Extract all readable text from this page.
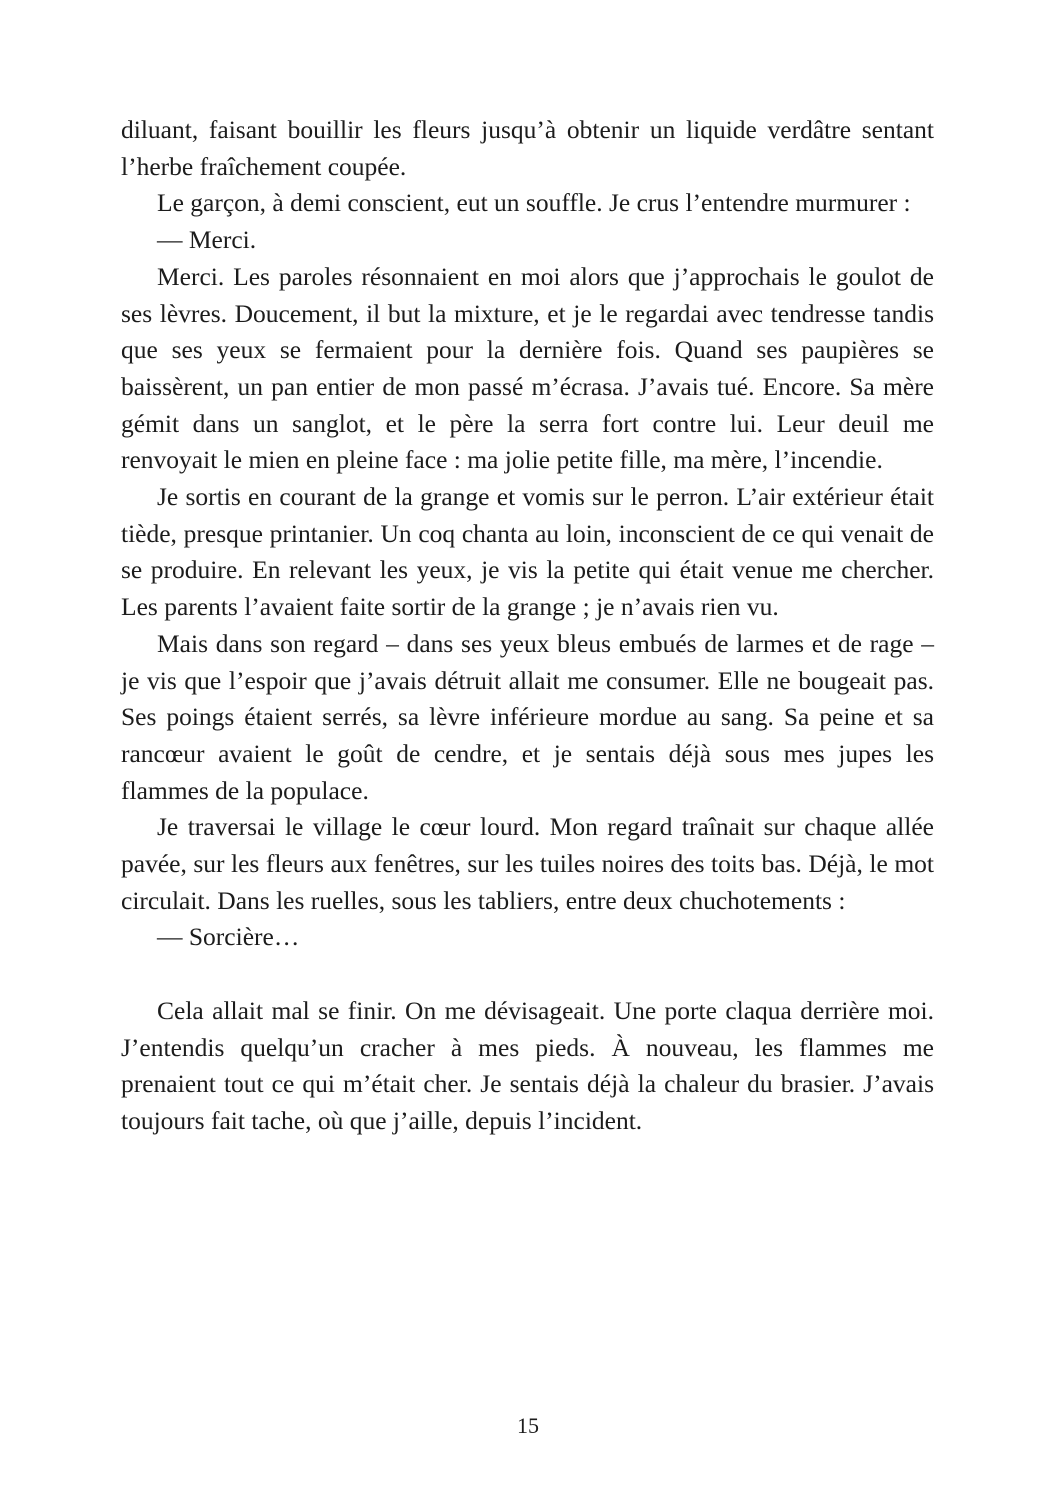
diluant, faisant bouillir les fleurs jusqu’à obtenir un liquide verdâtre sentant l’herbe fraîchement coupée.

Le garçon, à demi conscient, eut un souffle. Je crus l’entendre murmurer :

— Merci.

Merci. Les paroles résonnaient en moi alors que j’approchais le goulot de ses lèvres. Doucement, il but la mixture, et je le regardai avec tendresse tandis que ses yeux se fermaient pour la dernière fois. Quand ses paupières se baissèrent, un pan entier de mon passé m’écrasa. J’avais tué. Encore. Sa mère gémit dans un sanglot, et le père la serra fort contre lui. Leur deuil me renvoyait le mien en pleine face : ma jolie petite fille, ma mère, l’incendie.

Je sortis en courant de la grange et vomis sur le perron. L’air extérieur était tiède, presque printanier. Un coq chanta au loin, inconscient de ce qui venait de se produire. En relevant les yeux, je vis la petite qui était venue me chercher. Les parents l’avaient faite sortir de la grange ; je n’avais rien vu.

Mais dans son regard – dans ses yeux bleus embués de larmes et de rage – je vis que l’espoir que j’avais détruit allait me consumer. Elle ne bougeait pas. Ses poings étaient serrés, sa lèvre inférieure mordue au sang. Sa peine et sa rancœur avaient le goût de cendre, et je sentais déjà sous mes jupes les flammes de la populace.

Je traversai le village le cœur lourd. Mon regard traînait sur chaque allée pavée, sur les fleurs aux fenêtres, sur les tuiles noires des toits bas. Déjà, le mot circulait. Dans les ruelles, sous les tabliers, entre deux chuchotements :

— Sorcière…

Cela allait mal se finir. On me dévisageait. Une porte claqua derrière moi. J’entendis quelqu’un cracher à mes pieds. À nouveau, les flammes me prenaient tout ce qui m’était cher. Je sentais déjà la chaleur du brasier. J’avais toujours fait tache, où que j’aille, depuis l’incident.

15
